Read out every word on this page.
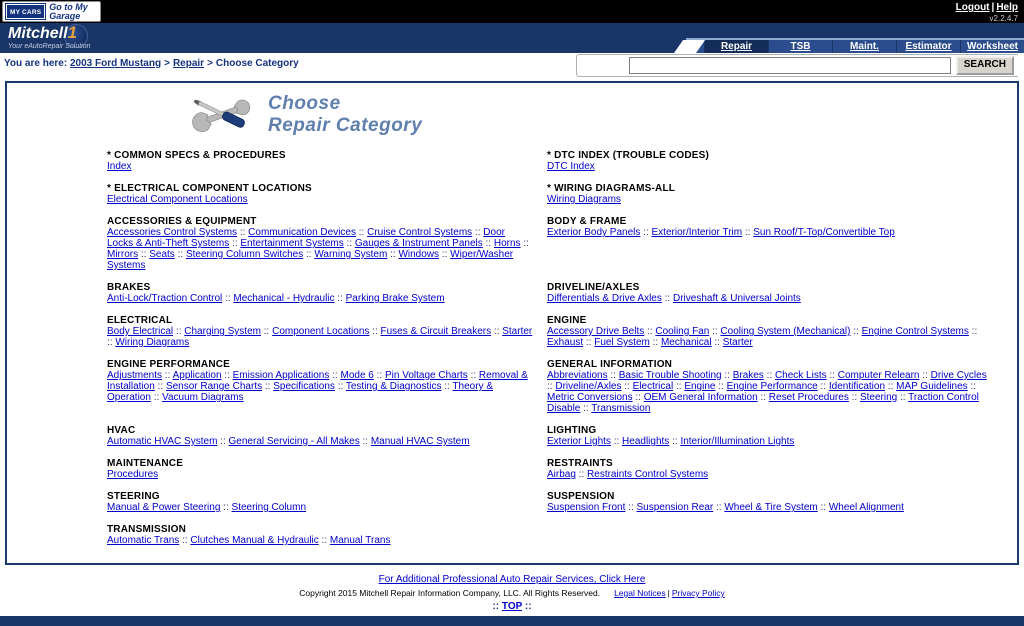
MY CARS
Go to My Garage
Logout | Help
v2.2.4.7
Mitchell1
Your eAutoRepair Solution	Repair	TSB	Maint.	Estimator	Worksheet
You are here: 2003 Ford Mustang > Repair > Choose Category	SEARCH
Choose
Repair Category
* COMMON SPECS & PROCEDURES
Index
* DTC INDEX (TROUBLE CODES)
DTC Index
* ELECTRICAL COMPONENT LOCATIONS
Electrical Component Locations
* WIRING DIAGRAMS-ALL
Wiring Diagrams
ACCESSORIES & EQUIPMENT
Accessories Control Systems :: Communication Devices :: Cruise Control Systems :: Door Locks & Anti-Theft Systems :: Entertainment Systems :: Gauges & Instrument Panels :: Horns :: Mirrors :: Seats :: Steering Column Switches :: Warning System :: Windows :: Wiper/Washer Systems
BODY & FRAME
Exterior Body Panels :: Exterior/Interior Trim :: Sun Roof/T-Top/Convertible Top
BRAKES
Anti-Lock/Traction Control :: Mechanical - Hydraulic :: Parking Brake System
DRIVELINE/AXLES
Differentials & Drive Axles :: Driveshaft & Universal Joints
ELECTRICAL
Body Electrical :: Charging System :: Component Locations :: Fuses & Circuit Breakers :: Starter :: Wiring Diagrams
ENGINE
Accessory Drive Belts :: Cooling Fan :: Cooling System (Mechanical) :: Engine Control Systems :: Exhaust :: Fuel System :: Mechanical :: Starter
ENGINE PERFORMANCE
Adjustments :: Application :: Emission Applications :: Mode 6 :: Pin Voltage Charts :: Removal & Installation :: Sensor Range Charts :: Specifications :: Testing & Diagnostics :: Theory & Operation :: Vacuum Diagrams
GENERAL INFORMATION
Abbreviations :: Basic Trouble Shooting :: Brakes :: Check Lists :: Computer Relearn :: Drive Cycles :: Driveline/Axles :: Electrical :: Engine :: Engine Performance :: Identification :: MAP Guidelines :: Metric Conversions :: OEM General Information :: Reset Procedures :: Steering :: Traction Control Disable :: Transmission
HVAC
Automatic HVAC System :: General Servicing - All Makes :: Manual HVAC System
LIGHTING
Exterior Lights :: Headlights :: Interior/Illumination Lights
MAINTENANCE
Procedures
RESTRAINTS
Airbag :: Restraints Control Systems
STEERING
Manual & Power Steering :: Steering Column
SUSPENSION
Suspension Front :: Suspension Rear :: Wheel & Tire System :: Wheel Alignment
TRANSMISSION
Automatic Trans :: Clutches Manual & Hydraulic :: Manual Trans
For Additional Professional Auto Repair Services, Click Here
Copyright 2015 Mitchell Repair Information Company, LLC. All Rights Reserved. Legal Notices | Privacy Policy
:: TOP ::
